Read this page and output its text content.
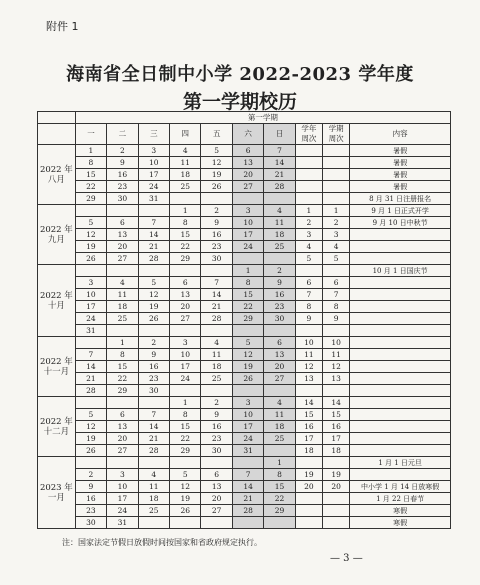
附件 1
海南省全日制中小学 2022-2023 学年度
第一学期校历
	第一学期									
	一	二	三	四	五	六	日	学年
周次	学期
周次	内容
2022 年
八月	1	2	3	4	5	6	7			暑假
	8	9	10	11	12	13	14			暑假
	15	16	17	18	19	20	21			暑假
	22	23	24	25	26	27	28			暑假
	29	30	31							8 月 31 日注册报名
2022 年
九月				1	2	3	4	1	1	9 月 1 日正式开学
	5	6	7	8	9	10	11	2	2	9 月 10 日中秋节
	12	13	14	15	16	17	18	3	3	
	19	20	21	22	23	24	25	4	4	
	26	27	28	29	30			5	5	
2022 年
十月						1	2			10 月 1 日国庆节
	3	4	5	6	7	8	9	6	6	
	10	11	12	13	14	15	16	7	7	
	17	18	19	20	21	22	23	8	8	
	24	25	26	27	28	29	30	9	9	
	31									
2022 年
十一月		1	2	3	4	5	6	10	10	
	7	8	9	10	11	12	13	11	11	
	14	15	16	17	18	19	20	12	12	
	21	22	23	24	25	26	27	13	13	
	28	29	30							
2022 年
十二月				1	2	3	4	14	14	
	5	6	7	8	9	10	11	15	15	
	12	13	14	15	16	17	18	16	16	
	19	20	21	22	23	24	25	17	17	
	26	27	28	29	30	31		18	18	
2023 年
一月							1			1 月 1 日元旦
	2	3	4	5	6	7	8	19	19	
	9	10	11	12	13	14	15	20	20	中小学 1 月 14 日放寒假
	16	17	18	19	20	21	22			1 月 22 日春节
	23	24	25	26	27	28	29			寒假
	30	31								寒假
注：国家法定节假日放假时间按国家和省政府规定执行。
— 3 —
